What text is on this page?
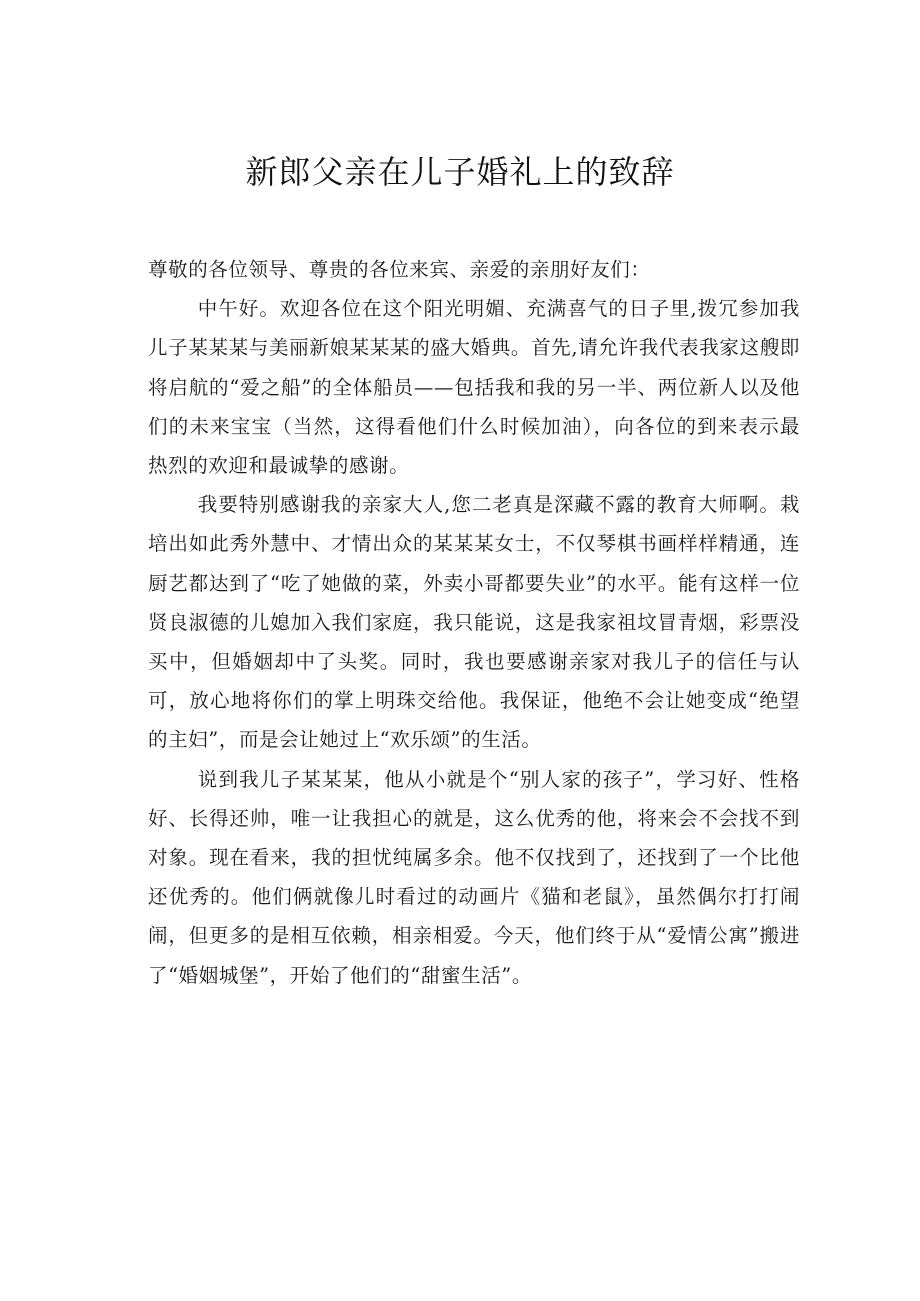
新郎父亲在儿子婚礼上的致辞

尊敬的各位领导、尊贵的各位来宾、亲爱的亲朋好友们：

中午好。欢迎各位在这个阳光明媚、充满喜气的日子里,拨冗参加我儿子某某某与美丽新娘某某某的盛大婚典。首先,请允许我代表我家这艘即将启航的“爱之船”的全体船员——包括我和我的另一半、两位新人以及他们的未来宝宝（当然，这得看他们什么时候加油），向各位的到来表示最热烈的欢迎和最诚挚的感谢。

我要特别感谢我的亲家大人,您二老真是深藏不露的教育大师啊。栽培出如此秀外慧中、才情出众的某某某女士，不仅琴棋书画样样精通，连厨艺都达到了“吃了她做的菜，外卖小哥都要失业”的水平。能有这样一位贤良淑德的儿媳加入我们家庭，我只能说，这是我家祖坟冒青烟，彩票没买中，但婚姻却中了头奖。同时，我也要感谢亲家对我儿子的信任与认可，放心地将你们的掌上明珠交给他。我保证，他绝不会让她变成“绝望的主妇”，而是会让她过上“欢乐颂”的生活。

说到我儿子某某某，他从小就是个“别人家的孩子”，学习好、性格好、长得还帅，唯一让我担心的就是，这么优秀的他，将来会不会找不到对象。现在看来，我的担忧纯属多余。他不仅找到了，还找到了一个比他还优秀的。他们俩就像儿时看过的动画片《猫和老鼠》，虽然偶尔打打闹闹，但更多的是相互依赖，相亲相爱。今天，他们终于从“爱情公寓”搬进了“婚姻城堡”，开始了他们的“甜蜜生活”。
